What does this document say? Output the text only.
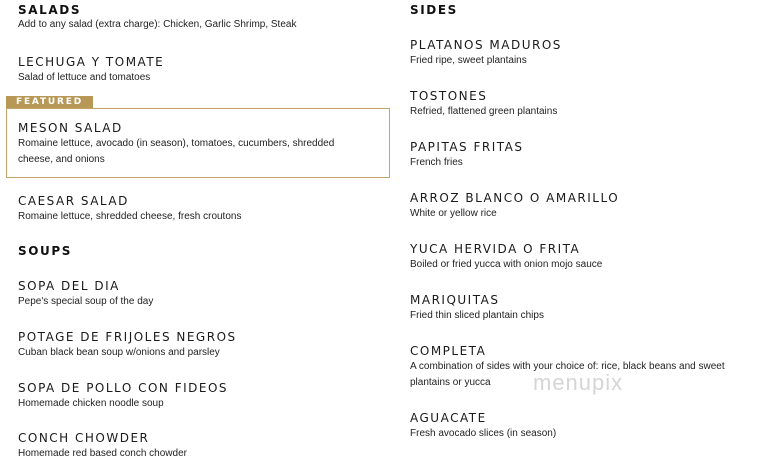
SALADS
Add to any salad (extra charge): Chicken, Garlic Shrimp, Steak
LECHUGA Y TOMATE
Salad of lettuce and tomatoes
FEATURED
MESON SALAD
Romaine lettuce, avocado (in season), tomatoes, cucumbers, shredded cheese, and onions
CAESAR SALAD
Romaine lettuce, shredded cheese, fresh croutons
SOUPS
SOPA DEL DIA
Pepe's special soup of the day
POTAGE DE FRIJOLES NEGROS
Cuban black bean soup w/onions and parsley
SOPA DE POLLO CON FIDEOS
Homemade chicken noodle soup
CONCH CHOWDER
Homemade red based conch chowder
SIDES
PLATANOS MADUROS
Fried ripe, sweet plantains
TOSTONES
Refried, flattened green plantains
PAPITAS FRITAS
French fries
ARROZ BLANCO O AMARILLO
White or yellow rice
YUCA HERVIDA O FRITA
Boiled or fried yucca with onion mojo sauce
MARIQUITAS
Fried thin sliced plantain chips
COMPLETA
A combination of sides with your choice of: rice, black beans and sweet plantains or yucca
AGUACATE
Fresh avocado slices (in season)
menupix
